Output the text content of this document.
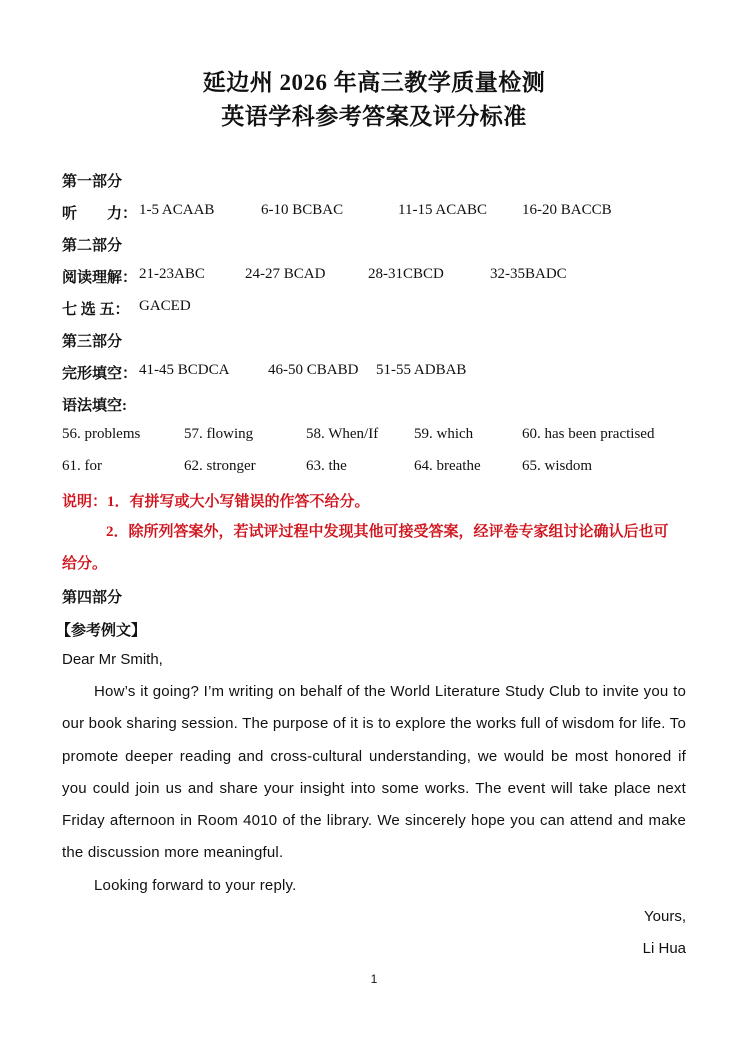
延边州 2026 年高三教学质量检测
英语学科参考答案及评分标准
第一部分
听　　力： 1-5 ACAAB	6-10 BCBAC	11-15 ACABC 16-20 BACCB
第二部分
阅读理解： 21-23ABC	24-27 BCAD	28-31CBCD	32-35BADC
七 选 五： GACED
第三部分
完形填空： 41-45 BCDCA	46-50 CBABD 51-55 ADBAB
语法填空:
56. problems	57. flowing	58. When/If 59. which	60. has been practised
61. for	62. stronger	63. the	64. breathe	65. wisdom
说明：1．有拼写或大小写错误的作答不给分。
2．除所列答案外，若试评过程中发现其他可接受答案，经评卷专家组讨论确认后也可
给分。
第四部分
【参考例文】
Dear Mr Smith,
How’s it going? I’m writing on behalf of the World Literature Study Club to invite you to our book sharing session. The purpose of it is to explore the works full of wisdom for life. To promote deeper reading and cross-cultural understanding, we would be most honored if you could join us and share your insight into some works. The event will take place next Friday afternoon in Room 4010 of the library. We sincerely hope you can attend and make the discussion more meaningful.
Looking forward to your reply.
Yours,
Li Hua
1
